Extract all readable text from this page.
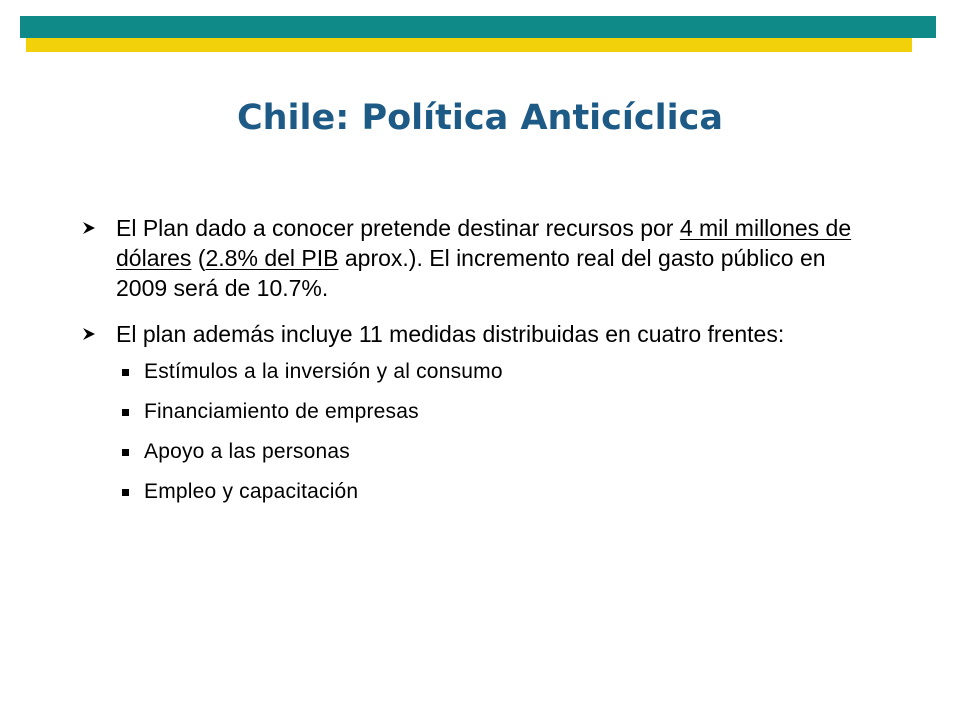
Chile: Política Anticíclica
El Plan dado a conocer pretende destinar recursos por 4 mil millones de dólares (2.8% del PIB aprox.). El incremento real del gasto público en 2009 será de 10.7%.
El plan además incluye 11 medidas distribuidas en cuatro frentes:
Estímulos a la inversión y al consumo
Financiamiento de empresas
Apoyo a las personas
Empleo y capacitación
